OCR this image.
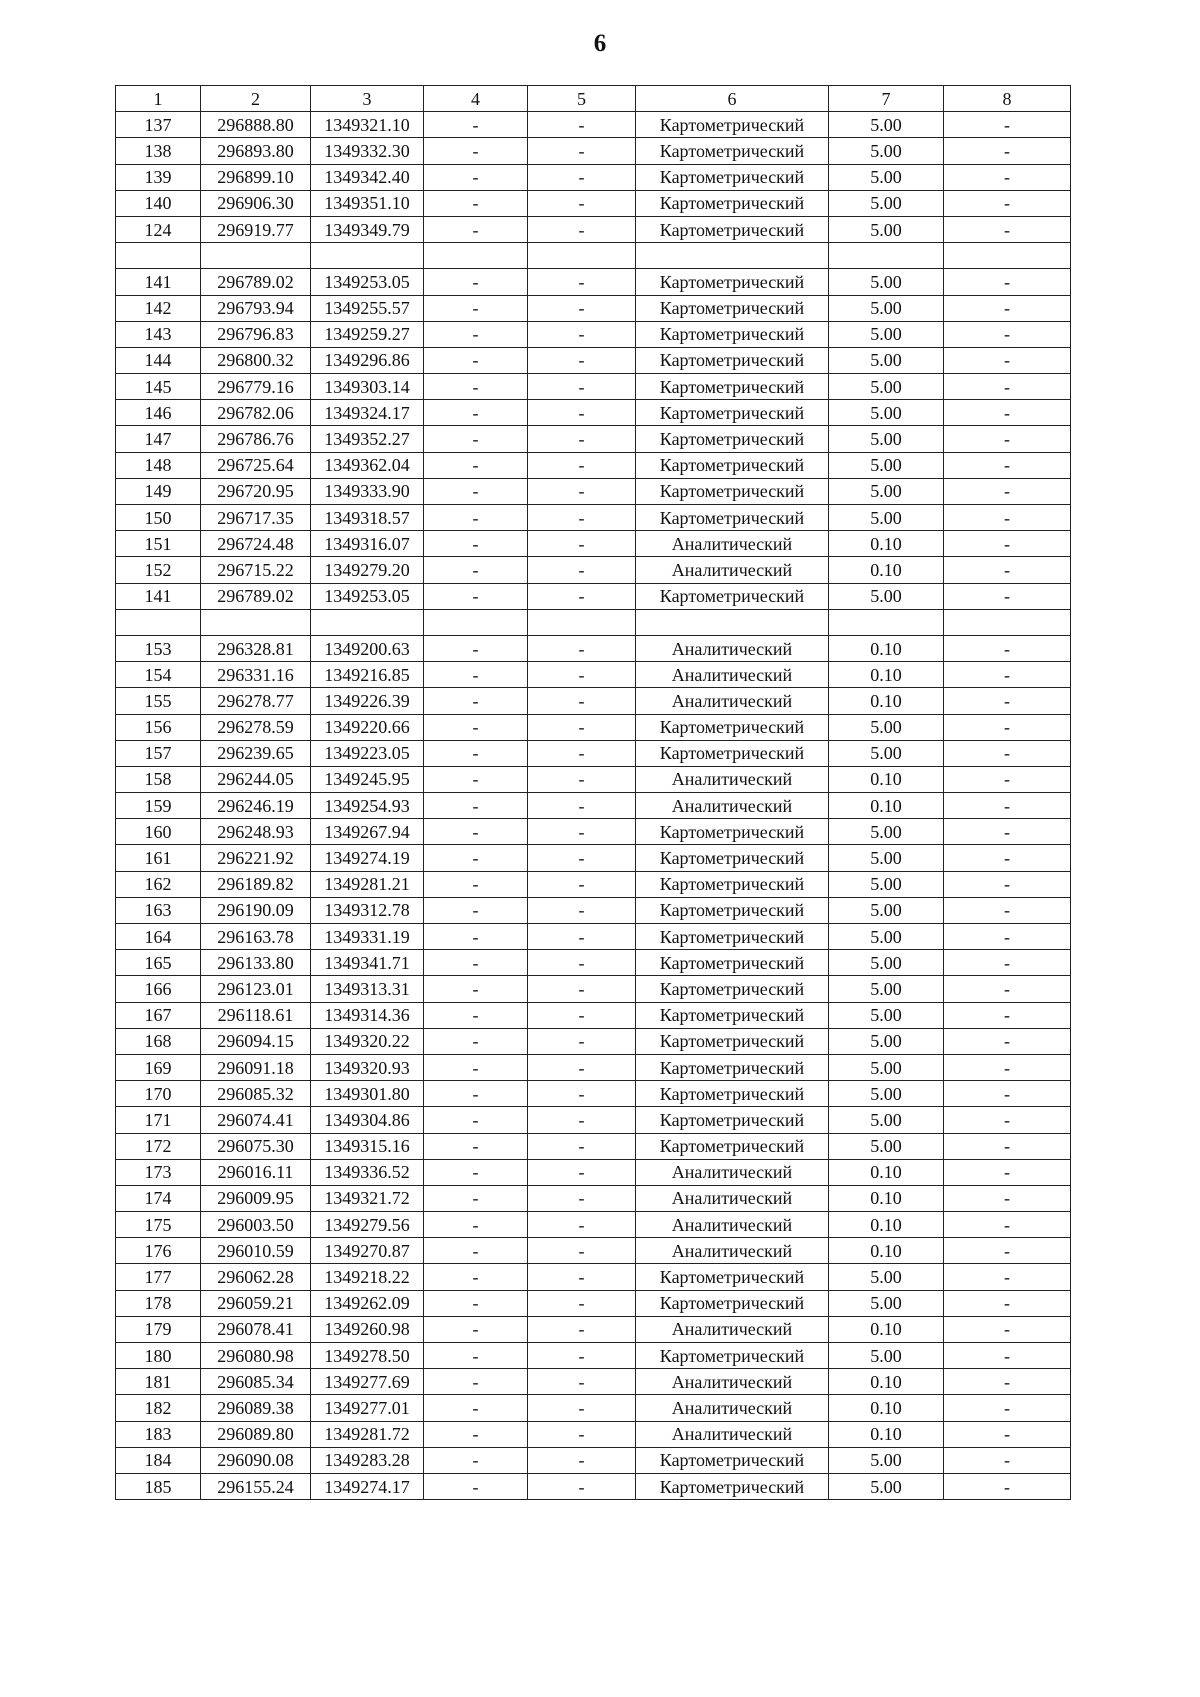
6
1	2	3	4	5	6	7	8
137	296888.80	1349321.10	-	-	Картометрический	5.00	-
138	296893.80	1349332.30	-	-	Картометрический	5.00	-
139	296899.10	1349342.40	-	-	Картометрический	5.00	-
140	296906.30	1349351.10	-	-	Картометрический	5.00	-
124	296919.77	1349349.79	-	-	Картометрический	5.00	-

141	296789.02	1349253.05	-	-	Картометрический	5.00	-
142	296793.94	1349255.57	-	-	Картометрический	5.00	-
143	296796.83	1349259.27	-	-	Картометрический	5.00	-
144	296800.32	1349296.86	-	-	Картометрический	5.00	-
145	296779.16	1349303.14	-	-	Картометрический	5.00	-
146	296782.06	1349324.17	-	-	Картометрический	5.00	-
147	296786.76	1349352.27	-	-	Картометрический	5.00	-
148	296725.64	1349362.04	-	-	Картометрический	5.00	-
149	296720.95	1349333.90	-	-	Картометрический	5.00	-
150	296717.35	1349318.57	-	-	Картометрический	5.00	-
151	296724.48	1349316.07	-	-	Аналитический	0.10	-
152	296715.22	1349279.20	-	-	Аналитический	0.10	-
141	296789.02	1349253.05	-	-	Картометрический	5.00	-

153	296328.81	1349200.63	-	-	Аналитический	0.10	-
154	296331.16	1349216.85	-	-	Аналитический	0.10	-
155	296278.77	1349226.39	-	-	Аналитический	0.10	-
156	296278.59	1349220.66	-	-	Картометрический	5.00	-
157	296239.65	1349223.05	-	-	Картометрический	5.00	-
158	296244.05	1349245.95	-	-	Аналитический	0.10	-
159	296246.19	1349254.93	-	-	Аналитический	0.10	-
160	296248.93	1349267.94	-	-	Картометрический	5.00	-
161	296221.92	1349274.19	-	-	Картометрический	5.00	-
162	296189.82	1349281.21	-	-	Картометрический	5.00	-
163	296190.09	1349312.78	-	-	Картометрический	5.00	-
164	296163.78	1349331.19	-	-	Картометрический	5.00	-
165	296133.80	1349341.71	-	-	Картометрический	5.00	-
166	296123.01	1349313.31	-	-	Картометрический	5.00	-
167	296118.61	1349314.36	-	-	Картометрический	5.00	-
168	296094.15	1349320.22	-	-	Картометрический	5.00	-
169	296091.18	1349320.93	-	-	Картометрический	5.00	-
170	296085.32	1349301.80	-	-	Картометрический	5.00	-
171	296074.41	1349304.86	-	-	Картометрический	5.00	-
172	296075.30	1349315.16	-	-	Картометрический	5.00	-
173	296016.11	1349336.52	-	-	Аналитический	0.10	-
174	296009.95	1349321.72	-	-	Аналитический	0.10	-
175	296003.50	1349279.56	-	-	Аналитический	0.10	-
176	296010.59	1349270.87	-	-	Аналитический	0.10	-
177	296062.28	1349218.22	-	-	Картометрический	5.00	-
178	296059.21	1349262.09	-	-	Картометрический	5.00	-
179	296078.41	1349260.98	-	-	Аналитический	0.10	-
180	296080.98	1349278.50	-	-	Картометрический	5.00	-
181	296085.34	1349277.69	-	-	Аналитический	0.10	-
182	296089.38	1349277.01	-	-	Аналитический	0.10	-
183	296089.80	1349281.72	-	-	Аналитический	0.10	-
184	296090.08	1349283.28	-	-	Картометрический	5.00	-
185	296155.24	1349274.17	-	-	Картометрический	5.00	-
